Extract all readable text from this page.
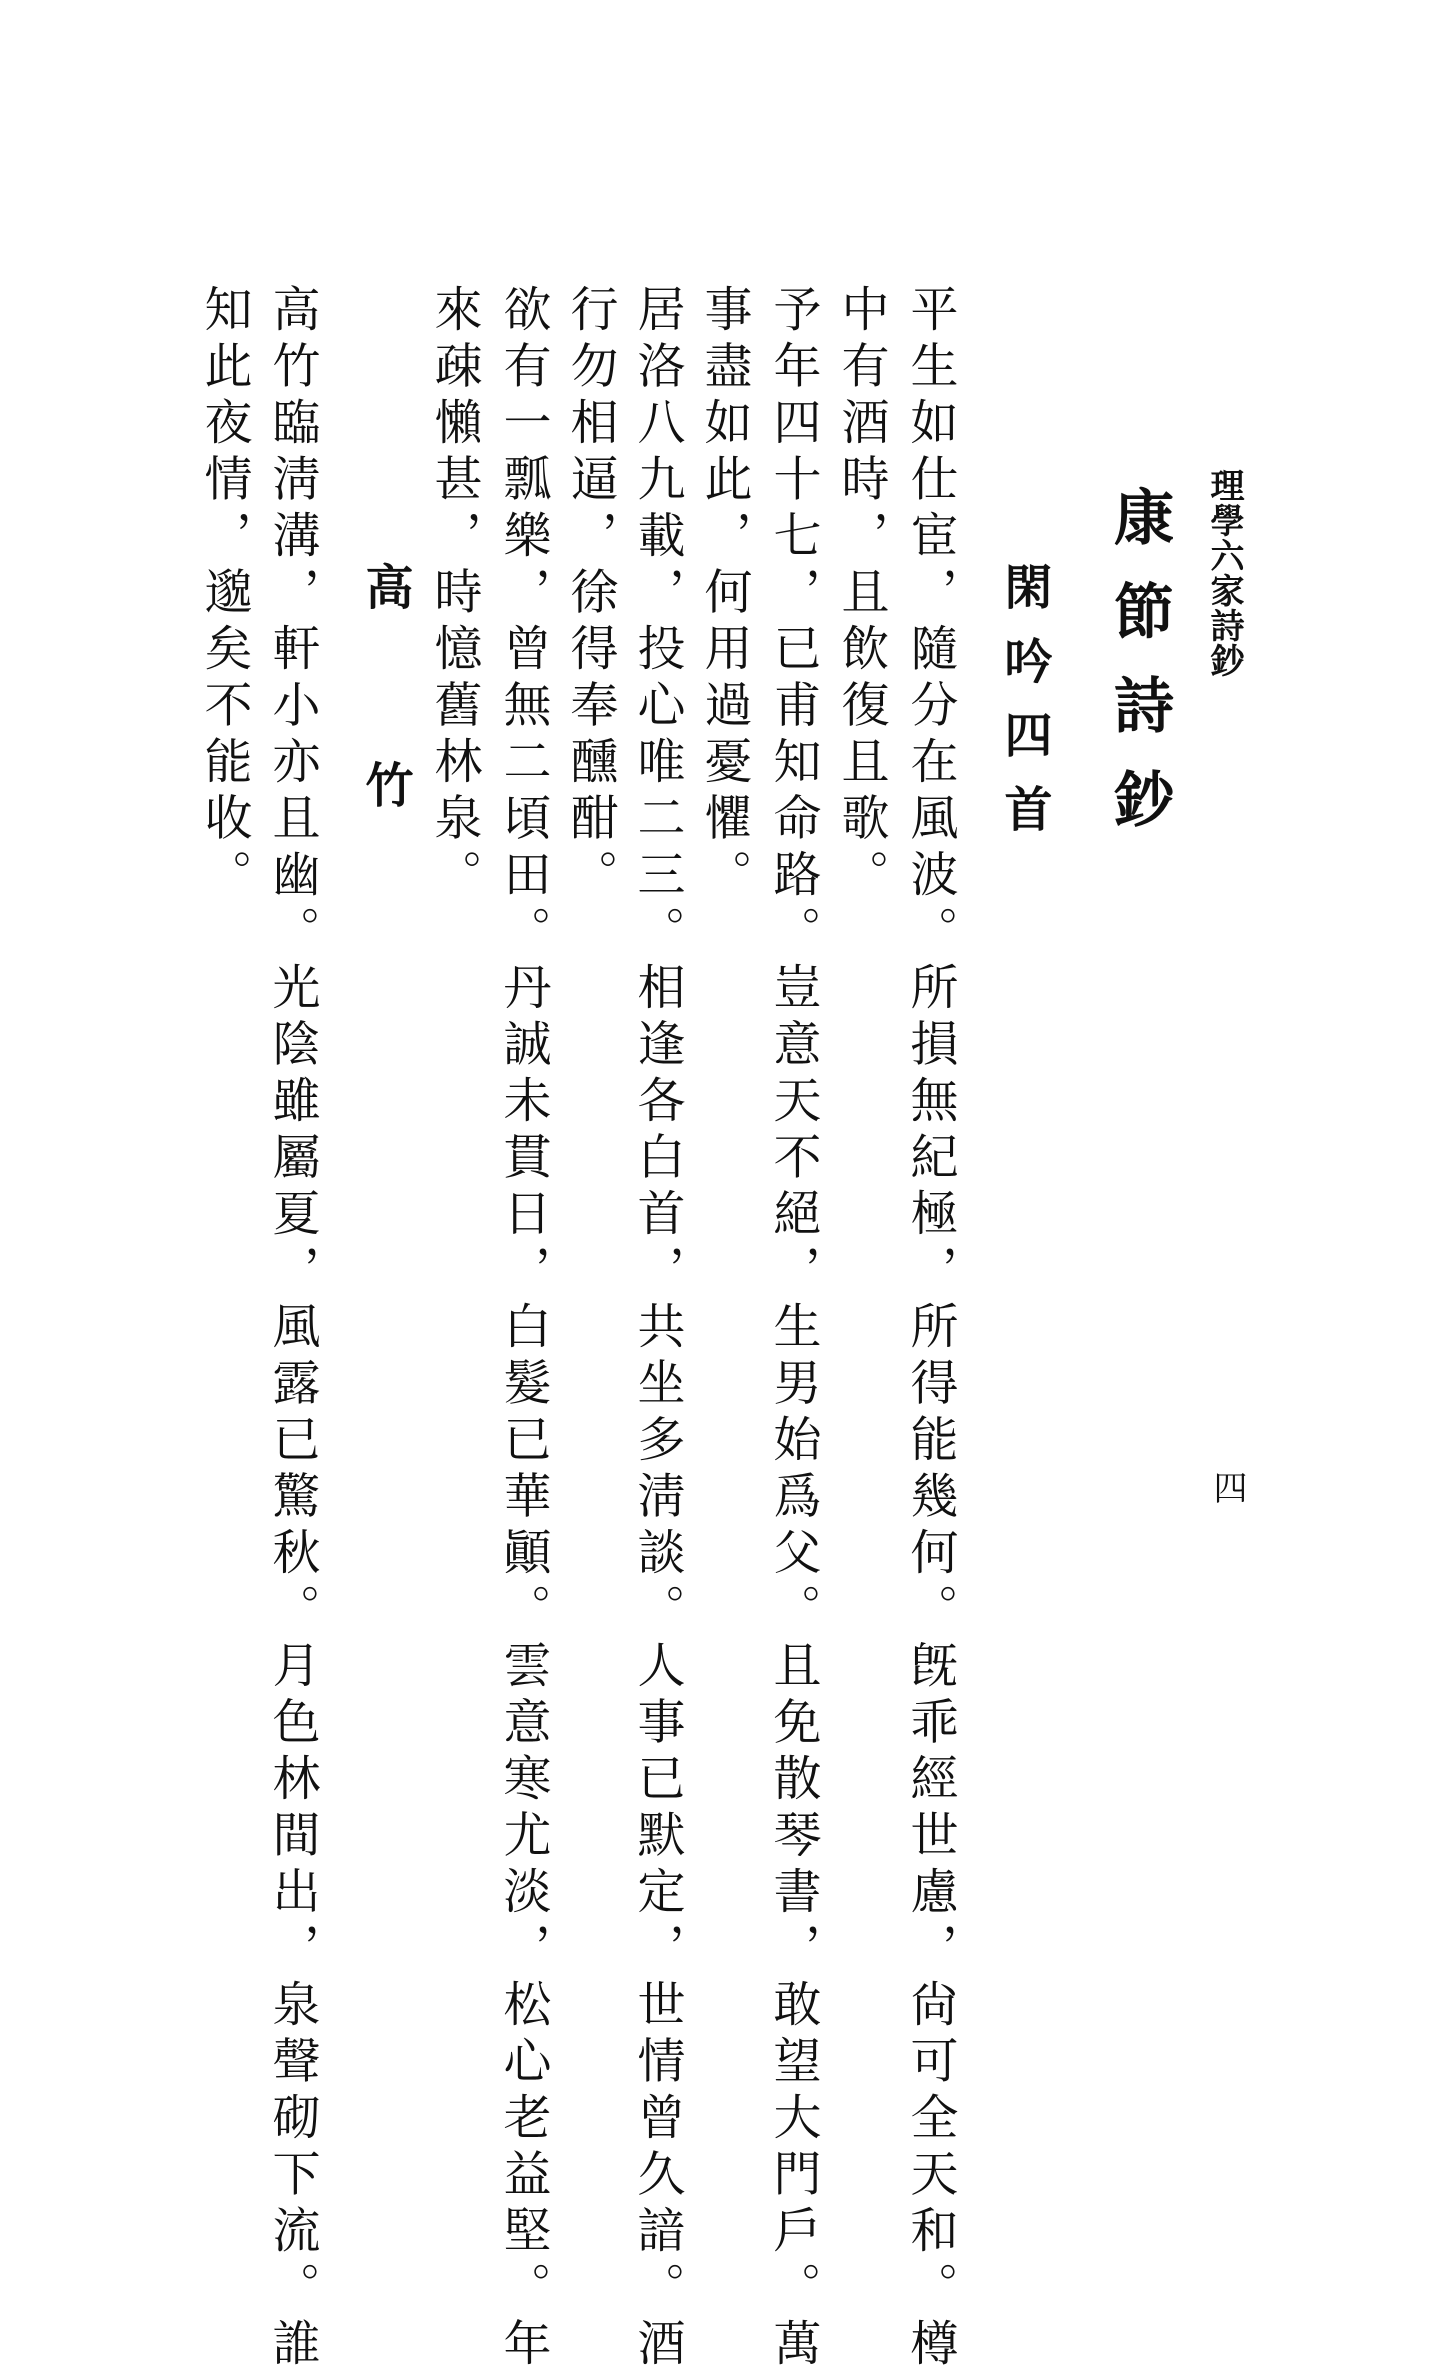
理學六家詩鈔
四
康節詩鈔
閑吟四首

平生如仕宦，隨分在風波。所損無紀極，所得能幾何。旣乖經世慮，尙可全天和。樽

中有酒時，且飲復且歌。

予年四十七，已甫知命路。豈意天不絕，生男始爲父。且免散琴書，敢望大門戶。萬

事盡如此，何用過憂懼。

居洛八九載，投心唯二三。相逢各白首，共坐多淸談。人事已默定，世情曾久諳。酒

行勿相逼，徐得奉醺酣。

欲有一瓢樂，曾無二頃田。丹誠未貫日，白髮已華顚。雲意寒尤淡，松心老益堅。年

來疎懶甚，時憶舊林泉。

高竹

高竹臨淸溝，軒小亦且幽。光陰雖屬夏，風露已驚秋。月色林間出，泉聲砌下流。誰

知此夜情，邈矣不能收。
